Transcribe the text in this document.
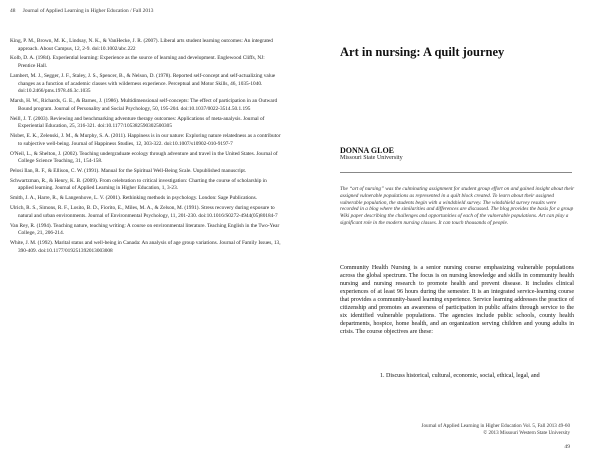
48 Journal of Applied Learning in Higher Education / Fall 2013

King, P. M., Brown, M. K., Lindsay, N. K., & VanHecke, J. R. (2007). Liberal arts student learning outcomes: An integrated approach. About Campus, 12, 2-9. doi:10.1002/abc.222

Kolb, D. A. (1984). Experiential learning: Experience as the source of learning and development. Englewood Cliffs, NJ: Prentice Hall.

Lambert, M. J., Segger, J. F., Staley, J. S., Spencer, B., & Nelson, D. (1978). Reported self-concept and self-actualizing value changes as a function of academic classes with wilderness experience. Perceptual and Motor Skills, 46, 1035-1040. doi:10.2466/pms.1978.46.3c.1035

Marsh, H. W., Richards, G. E., & Barnes, J. (1986). Multidimensional self-concepts: The effect of participation in an Outward Bound program. Journal of Personality and Social Psychology, 50, 195-204. doi:10.1037/0022-3514.50.1.195

Neill, J. T. (2003). Reviewing and benchmarking adventure therapy outcomes: Applications of meta-analysis. Journal of Experiential Education, 25, 316-321. doi:10.1177/105382590302500305

Nisbet, E. K., Zelenski, J. M., & Murphy, S. A. (2011). Happiness is in our nature: Exploring nature relatedness as a contributor to subjective well-being. Journal of Happiness Studies, 12, 303-322. doi:10.1007/s10902-010-9197-7

O'Neil, L., & Shelton, J. (2002). Teaching undergraduate ecology through adventure and travel in the United States. Journal of College Science Teaching, 31, 154-158.

Pelosi Ilan, R. F., & Ellison, C. W. (1991). Manual for the Spiritual Well-Being Scale. Unpublished manuscript.

Schwartzman, R., & Henry, K. B. (2009). From celebration to critical investigation: Charting the course of scholarship in applied learning. Journal of Applied Learning in Higher Education, 1, 3-23.

Smith, J. A., Harre, R., & Langenhove, L. V. (2001). Rethinking methods in psychology. London: Sage Publications.

Ulrich, R. S., Simons, R. F., Losito, B. D., Fiorito, E., Miles, M. A., & Zelson, M. (1991). Stress recovery during exposure to natural and urban environments. Journal of Environmental Psychology, 11, 201-230. doi:10.1016/S0272-4944(05)80184-7

Van Rey, R. (1994). Teaching nature, teaching writing: A course on environmental literature. Teaching English in the Two-Year College, 21, 206-214.

White, J. M. (1992). Marital status and well-being in Canada: An analysis of age group variations. Journal of Family Issues, 13, 390-409. doi:10.1177/019251392013003008

Art in nursing: A quilt journey
DONNA GLOE
Missouri State University

The “art of nursing” was the culminating assignment for student group effort on and gained insight about their assigned vulnerable populations as represented in a quilt block created. To learn about their assigned vulnerable population, the students begin with a windshield survey. The windshield survey results were recorded in a blog where the similarities and differences are discussed. The blog provides the basis for a group Wiki paper describing the challenges and opportunities of each of the vulnerable populations. Art can play a significant role in the modern nursing classes. It can touch thousands of people.

Community Health Nursing is a senior nursing course emphasizing vulnerable populations across the global spectrum. The focus is on nursing knowledge and skills in community health nursing and nursing research to promote health and prevent disease. It includes clinical experiences of at least 96 hours during the semester. It is an integrated service-learning course that provides a community-based learning experience. Service learning addresses the practice of citizenship and promotes an awareness of participation in public affairs through service to the six identified vulnerable populations. The agencies include public schools, county health departments, hospice, home health, and an organization serving children and young adults in crisis. The course objectives are these:

1. Discuss historical, cultural, economic, social, ethical, legal, and
Journal of Applied Learning in Higher Education Vol. 5, Fall 2013 49-60
© 2013 Missouri Western State University
49
